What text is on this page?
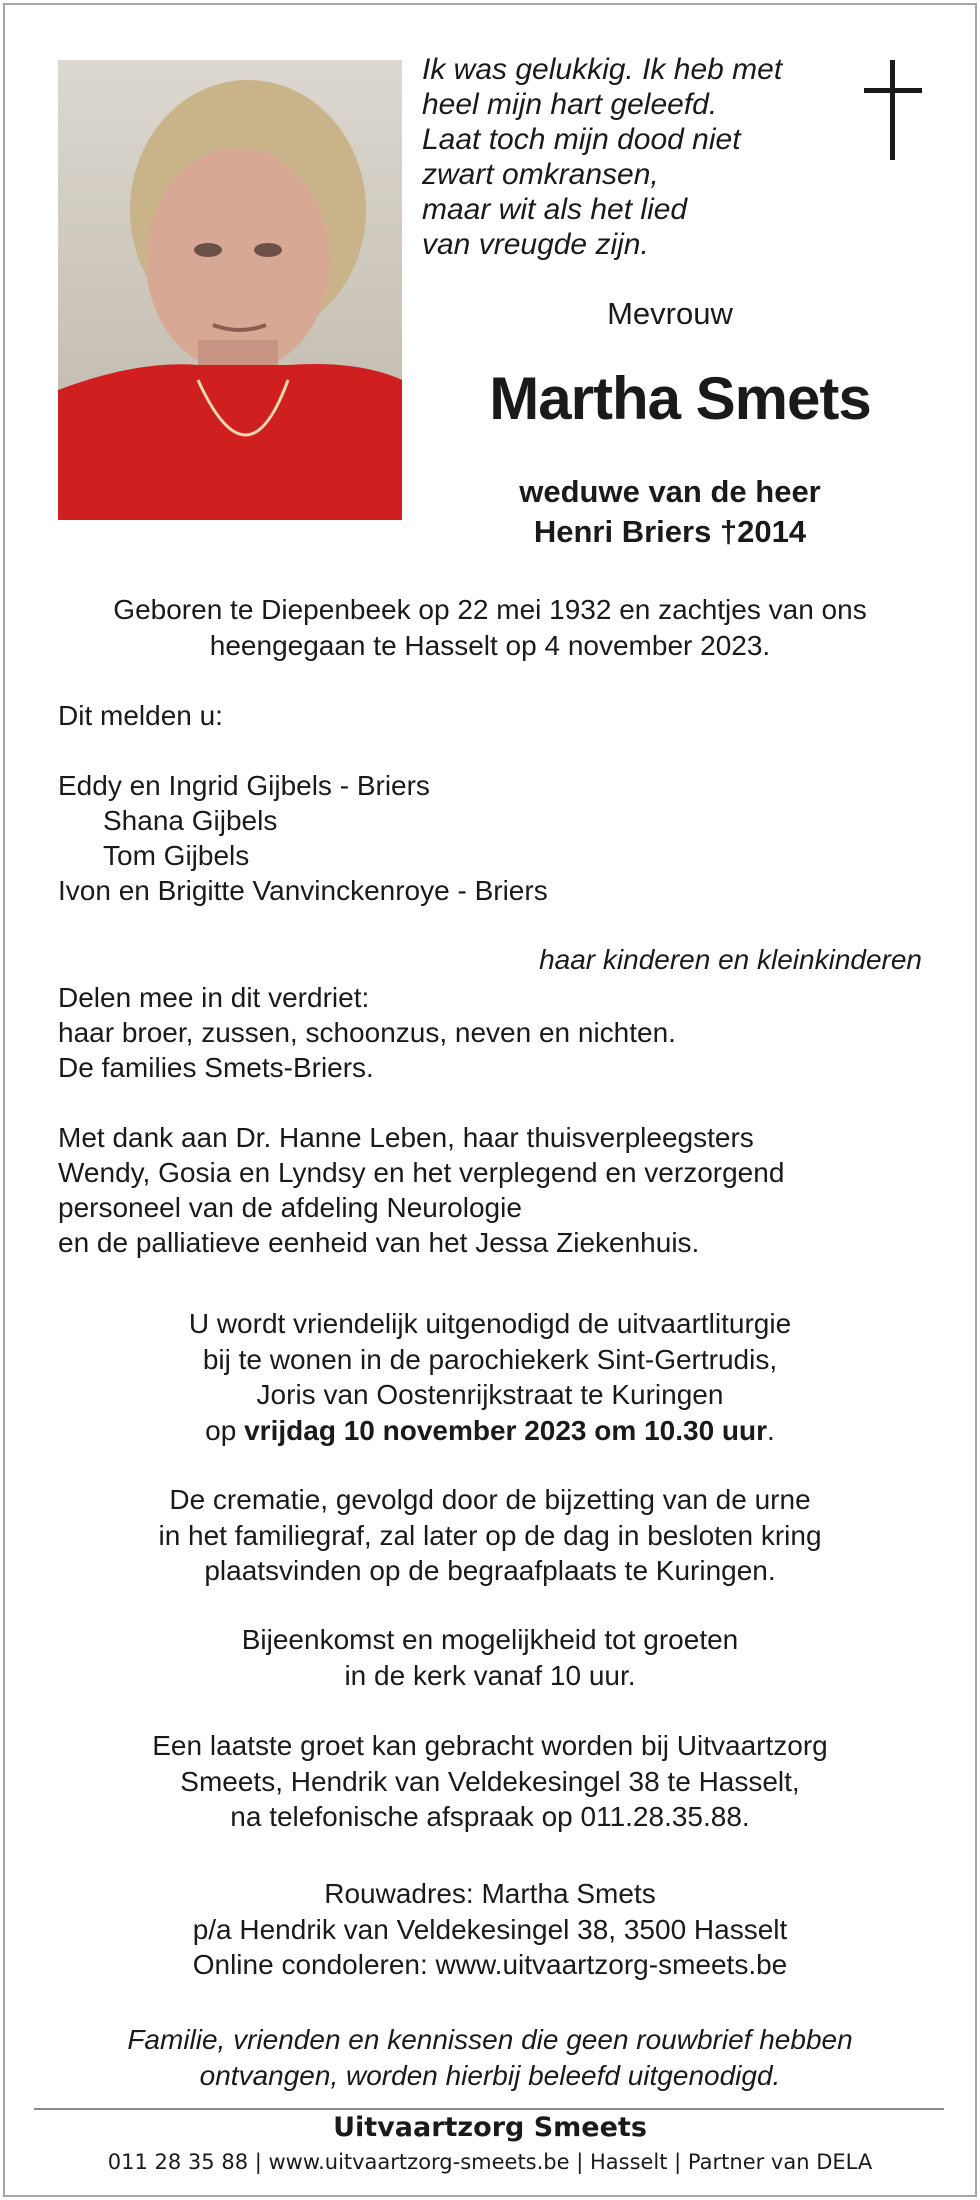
Ik was gelukkig. Ik heb met
heel mijn hart geleefd.
Laat toch mijn dood niet
zwart omkransen,
maar wit als het lied
van vreugde zijn.
Mevrouw
Martha Smets
weduwe van de heer
Henri Briers †2014
Geboren te Diepenbeek op 22 mei 1932 en zachtjes van ons
heengegaan te Hasselt op 4 november 2023.
Dit melden u:
Eddy en Ingrid Gijbels - Briers
Shana Gijbels
Tom Gijbels
Ivon en Brigitte Vanvinckenroye - Briers
haar kinderen en kleinkinderen
Delen mee in dit verdriet:
haar broer, zussen, schoonzus, neven en nichten.
De families Smets-Briers.
Met dank aan Dr. Hanne Leben, haar thuisverpleegsters
Wendy, Gosia en Lyndsy en het verplegend en verzorgend
personeel van de afdeling Neurologie
en de palliatieve eenheid van het Jessa Ziekenhuis.
U wordt vriendelijk uitgenodigd de uitvaartliturgie
bij te wonen in de parochiekerk Sint-Gertrudis,
Joris van Oostenrijkstraat te Kuringen
op vrijdag 10 november 2023 om 10.30 uur.
De crematie, gevolgd door de bijzetting van de urne
in het familiegraf, zal later op de dag in besloten kring
plaatsvinden op de begraafplaats te Kuringen.
Bijeenkomst en mogelijkheid tot groeten
in de kerk vanaf 10 uur.
Een laatste groet kan gebracht worden bij Uitvaartzorg
Smeets, Hendrik van Veldekesingel 38 te Hasselt,
na telefonische afspraak op 011.28.35.88.
Rouwadres: Martha Smets
p/a Hendrik van Veldekesingel 38, 3500 Hasselt
Online condoleren: www.uitvaartzorg-smeets.be
Familie, vrienden en kennissen die geen rouwbrief hebben
ontvangen, worden hierbij beleefd uitgenodigd.
Uitvaartzorg Smeets
011 28 35 88 | www.uitvaartzorg-smeets.be | Hasselt | Partner van DELA
